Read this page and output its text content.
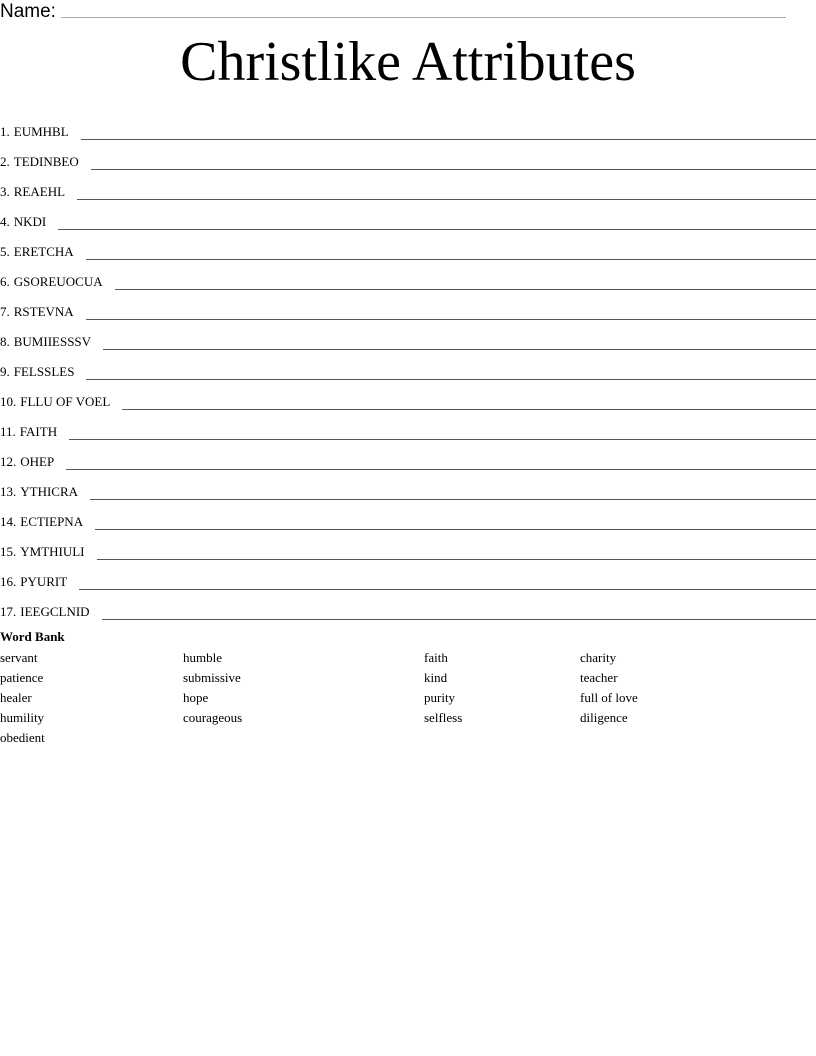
Name:
Christlike Attributes
1. EUMHBL
2. TEDINBEO
3. REAEHL
4. NKDI
5. ERETCHA
6. GSOREUOCUA
7. RSTEVNA
8. BUMIIESSSV
9. FELSSLES
10. FLLU OF VOEL
11. FAITH
12. OHEP
13. YTHICRA
14. ECTIEPNA
15. YMTHIULI
16. PYURIT
17. IEEGCLNID
Word Bank
servant
patience
healer
humility
obedient
humble
submissive
hope
courageous
faith
kind
purity
selfless
charity
teacher
full of love
diligence
